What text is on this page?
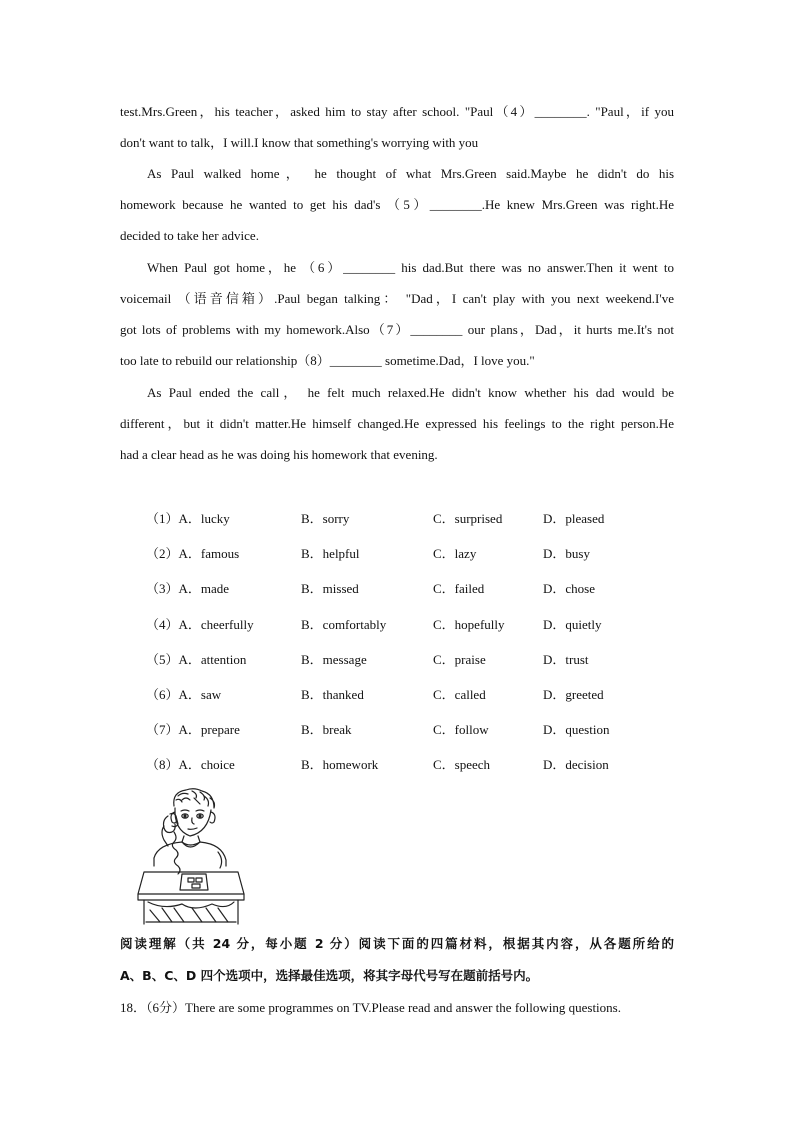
test.Mrs.Green，his teacher，asked him to stay after school. "Paul（4）________. "Paul，if you
don't want to talk，I will.I know that something's worrying with you
As Paul walked home， he thought of what Mrs.Green said.Maybe he didn't do his
homework because he wanted to get his dad's （5）________.He knew Mrs.Green was right.He
decided to take her advice.
When Paul got home，he （6）________ his dad.But there was no answer.Then it went to
voicemail （语音信箱）.Paul began talking： "Dad，I can't play with you next weekend.I've
got lots of problems with my homework.Also（7）________ our plans，Dad，it hurts me.It's not
too late to rebuild our relationship（8）________ sometime.Dad，I love you."
As Paul ended the call， he felt much relaxed.He didn't know whether his dad would be
different，but it didn't matter.He himself changed.He expressed his feelings to the right person.He
had a clear head as he was doing his homework that evening.
（1）A．lucky	B．sorry	C．surprised	D．pleased
（2）A．famous	B．helpful	C．lazy	D．busy
（3）A．made	B．missed	C．failed	D．chose
（4）A．cheerfully	B．comfortably	C．hopefully	D．quietly
（5）A．attention	B．message	C．praise	D．trust
（6）A．saw	B．thanked	C．called	D．greeted
（7）A．prepare	B．break	C．follow	D．question
（8）A．choice	B．homework	C．speech	D．decision
阅读理解（共 24 分，每小题 2 分）阅读下面的四篇材料，根据其内容，从各题所给的
A、B、C、D 四个选项中，选择最佳选项，将其字母代号写在题前括号内。
18．（6分）There are some programmes on TV.Please read and answer the following questions.
